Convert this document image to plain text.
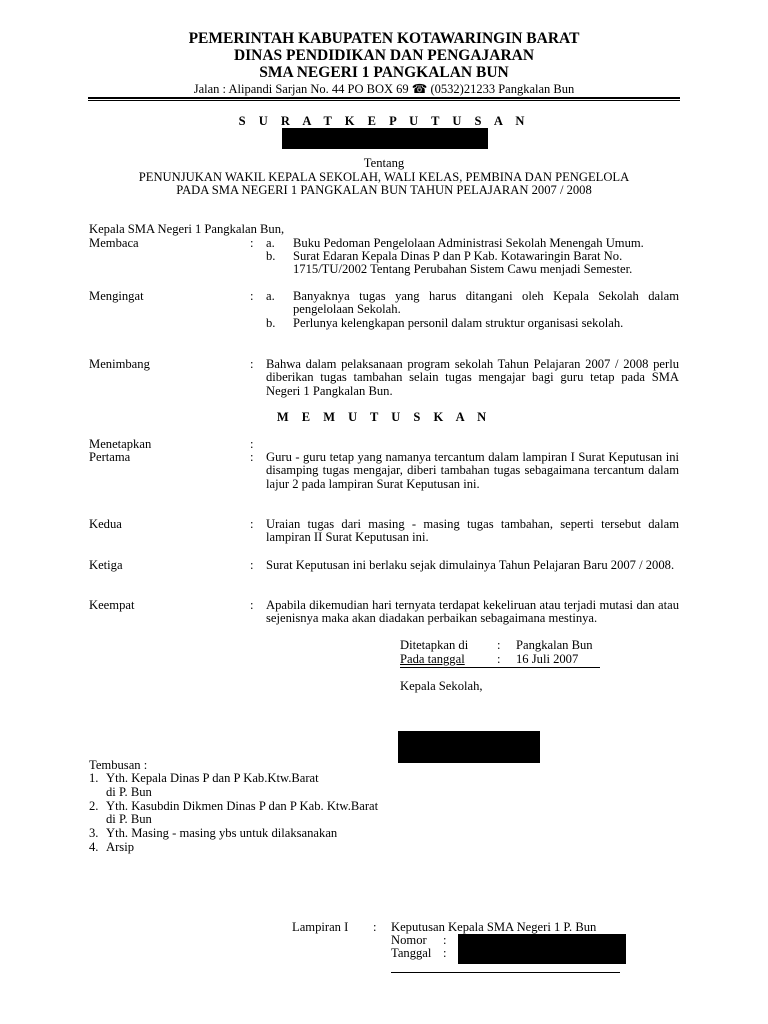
PEMERINTAH KABUPATEN KOTAWARINGIN BARAT
DINAS PENDIDIKAN DAN PENGAJARAN
SMA NEGERI 1 PANGKALAN BUN
Jalan : Alipandi Sarjan No. 44 PO BOX 69 ☎ (0532)21233 Pangkalan Bun
S U R A T K E P U T U S A N
Tentang
PENUNJUKAN WAKIL KEPALA SEKOLAH, WALI KELAS, PEMBINA DAN PENGELOLA
PADA SMA NEGERI 1 PANGKALAN BUN TAHUN PELAJARAN 2007 / 2008
Kepala SMA Negeri 1 Pangkalan Bun,
Membaca	: a. Buku Pedoman Pengelolaan Administrasi Sekolah Menengah Umum.
b. Surat Edaran Kepala Dinas P dan P Kab. Kotawaringin Barat No.
1715/TU/2002 Tentang Perubahan Sistem Cawu menjadi Semester.
Mengingat	: a. Banyaknya tugas yang harus ditangani oleh Kepala Sekolah dalam pengelolaan Sekolah.
b. Perlunya kelengkapan personil dalam struktur organisasi sekolah.
Menimbang	: Bahwa dalam pelaksanaan program sekolah Tahun Pelajaran 2007 / 2008 perlu diberikan tugas tambahan selain tugas mengajar bagi guru tetap pada SMA Negeri 1 Pangkalan Bun.
M E M U T U S K A N
Menetapkan	:
Pertama	: Guru - guru tetap yang namanya tercantum dalam lampiran I Surat Keputusan ini disamping tugas mengajar, diberi tambahan tugas sebagaimana tercantum dalam lajur 2 pada lampiran Surat Keputusan ini.
Kedua	: Uraian tugas dari masing - masing tugas tambahan, seperti tersebut dalam lampiran II Surat Keputusan ini.
Ketiga	: Surat Keputusan ini berlaku sejak dimulainya Tahun Pelajaran Baru 2007 / 2008.
Keempat	: Apabila dikemudian hari ternyata terdapat kekeliruan atau terjadi mutasi dan atau sejenisnya maka akan diadakan perbaikan sebagaimana mestinya.
Ditetapkan di : Pangkalan Bun
Pada tanggal	: 16 Juli 2007
Kepala Sekolah,
Tembusan :
1. Yth. Kepala Dinas P dan P Kab.Ktw.Barat
di P. Bun
2. Yth. Kasubdin Dikmen Dinas P dan P Kab. Ktw.Barat
di P. Bun
3. Yth. Masing - masing ybs untuk dilaksanakan
4. Arsip
Lampiran I : Keputusan Kepala SMA Negeri 1 P. Bun
Nomor :
Tanggal :
